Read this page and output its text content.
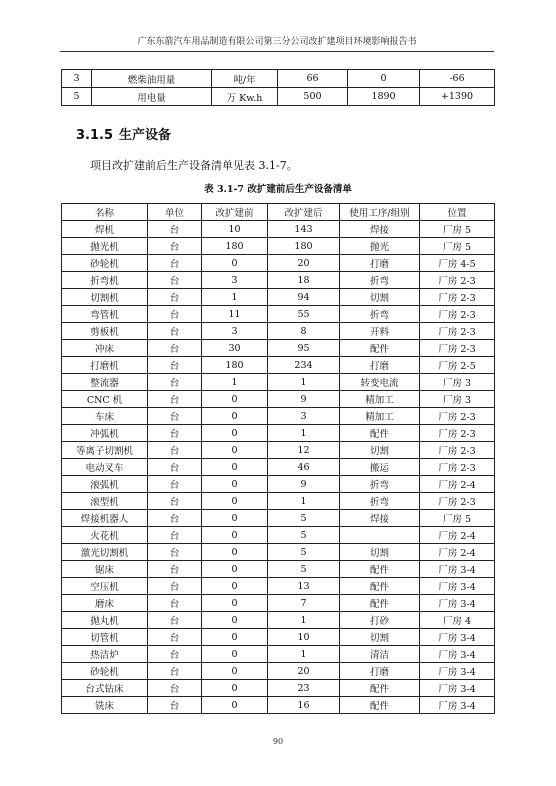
广东东箭汽车用品制造有限公司第三分公司改扩建项目环境影响报告书
3	燃柴油用量	吨/年	66	0	-66
5	用电量	万 Kw.h	500	1890	+1390
3.1.5 生产设备
项目改扩建前后生产设备清单见表 3.1-7。
表 3.1-7 改扩建前后生产设备清单
名称	单位	改扩建前	改扩建后	使用工序/组别	位置
焊机	台	10	143	焊接	厂房 5
抛光机	台	180	180	抛光	厂房 5
砂轮机	台	0	20	打磨	厂房 4-5
折弯机	台	3	18	折弯	厂房 2-3
切割机	台	1	94	切割	厂房 2-3
弯管机	台	11	55	折弯	厂房 2-3
剪板机	台	3	8	开料	厂房 2-3
冲床	台	30	95	配件	厂房 2-3
打磨机	台	180	234	打磨	厂房 2-5
整流器	台	1	1	转变电流	厂房 3
CNC 机	台	0	9	精加工	厂房 3
车床	台	0	3	精加工	厂房 2-3
冲弧机	台	0	1	配件	厂房 2-3
等离子切割机	台	0	12	切割	厂房 2-3
电动叉车	台	0	46	搬运	厂房 2-3
滚弧机	台	0	9	折弯	厂房 2-4
滚型机	台	0	1	折弯	厂房 2-3
焊接机器人	台	0	5	焊接	厂房 5
火花机	台	0	5		厂房 2-4
激光切割机	台	0	5	切割	厂房 2-4
锯床	台	0	5	配件	厂房 3-4
空压机	台	0	13	配件	厂房 3-4
磨床	台	0	7	配件	厂房 3-4
抛丸机	台	0	1	打砂	厂房 4
切管机	台	0	10	切割	厂房 3-4
热洁炉	台	0	1	清洁	厂房 3-4
砂轮机	台	0	20	打磨	厂房 3-4
台式钻床	台	0	23	配件	厂房 3-4
铣床	台	0	16	配件	厂房 3-4
90
